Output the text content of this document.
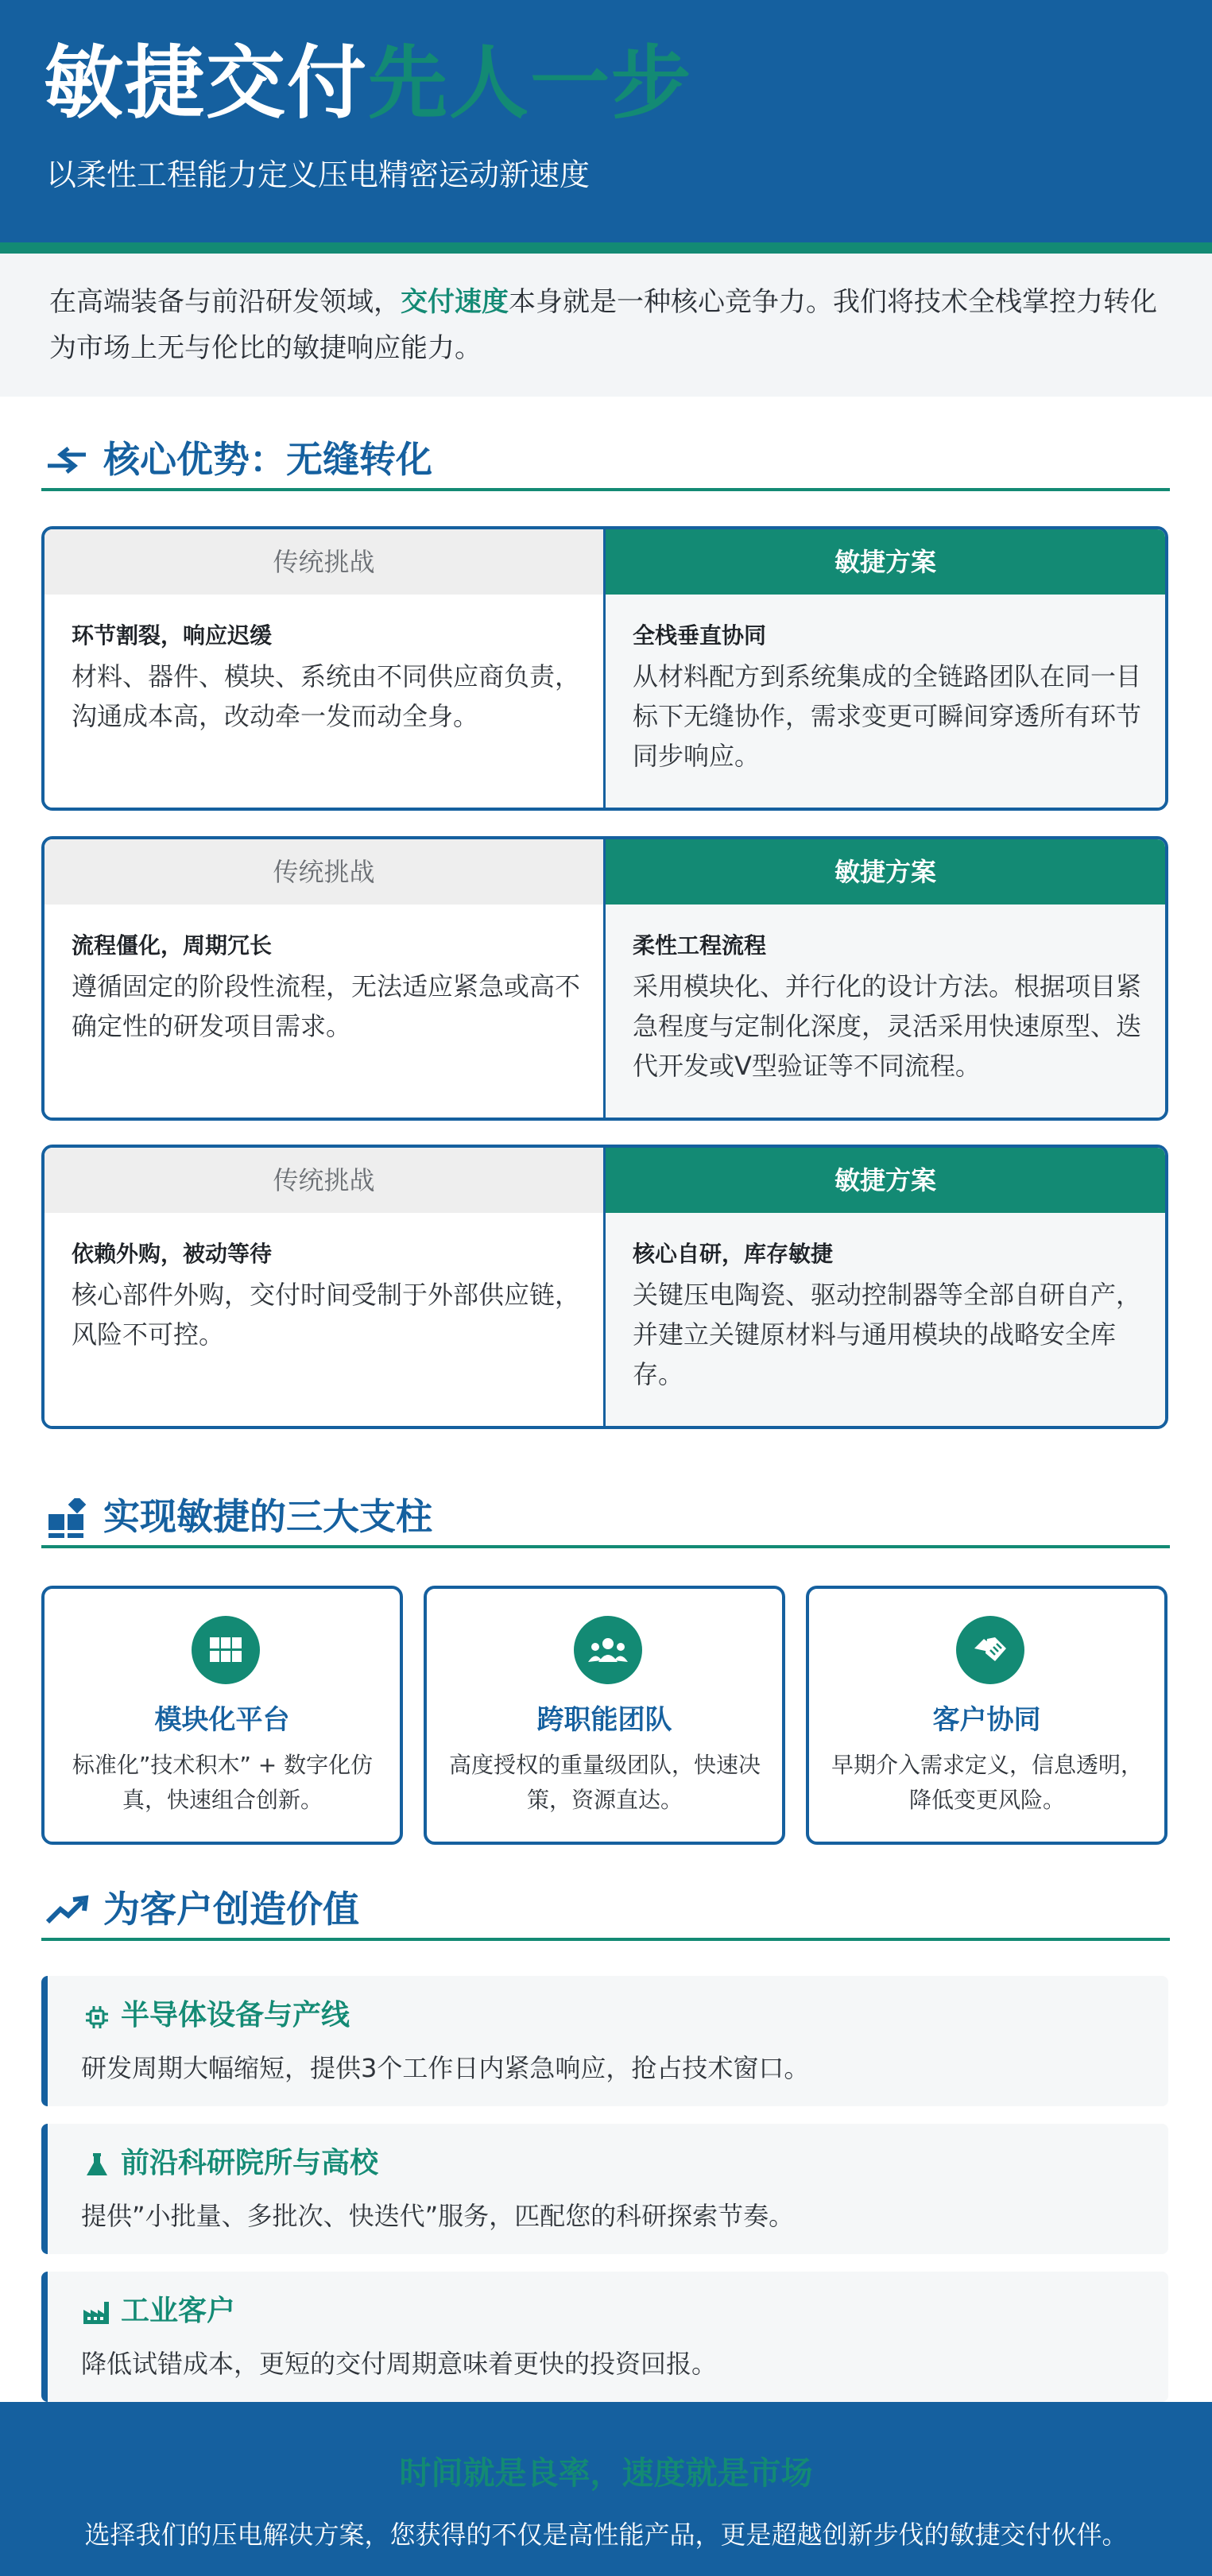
敏捷交付先人一步
以柔性工程能力定义压电精密运动新速度

在高端装备与前沿研发领域，交付速度本身就是一种核心竞争力。我们将技术全栈掌控力转化为市场上无与伦比的敏捷响应能力。

核心优势：无缝转化
传统挑战
环节割裂，响应迟缓
材料、器件、模块、系统由不同供应商负责，沟通成本高，改动牵一发而动全身。
敏捷方案
全栈垂直协同
从材料配方到系统集成的全链路团队在同一目标下无缝协作，需求变更可瞬间穿透所有环节同步响应。
传统挑战
流程僵化，周期冗长
遵循固定的阶段性流程，无法适应紧急或高不确定性的研发项目需求。
敏捷方案
柔性工程流程
采用模块化、并行化的设计方法。根据项目紧急程度与定制化深度，灵活采用快速原型、迭代开发或V型验证等不同流程。
传统挑战
依赖外购，被动等待
核心部件外购，交付时间受制于外部供应链，风险不可控。
敏捷方案
核心自研，库存敏捷
关键压电陶瓷、驱动控制器等全部自研自产，并建立关键原材料与通用模块的战略安全库存。
实现敏捷的三大支柱
模块化平台
标准化”技术积木” + 数字化仿真，快速组合创新。
跨职能团队
高度授权的重量级团队，快速决策，资源直达。
客户协同
早期介入需求定义，信息透明，降低变更风险。
为客户创造价值
半导体设备与产线
研发周期大幅缩短，提供3个工作日内紧急响应，抢占技术窗口。
前沿科研院所与高校
提供”小批量、多批次、快迭代”服务，匹配您的科研探索节奏。
工业客户
降低试错成本，更短的交付周期意味着更快的投资回报。
时间就是良率，速度就是市场
选择我们的压电解决方案，您获得的不仅是高性能产品，更是超越创新步伐的敏捷交付伙伴。
